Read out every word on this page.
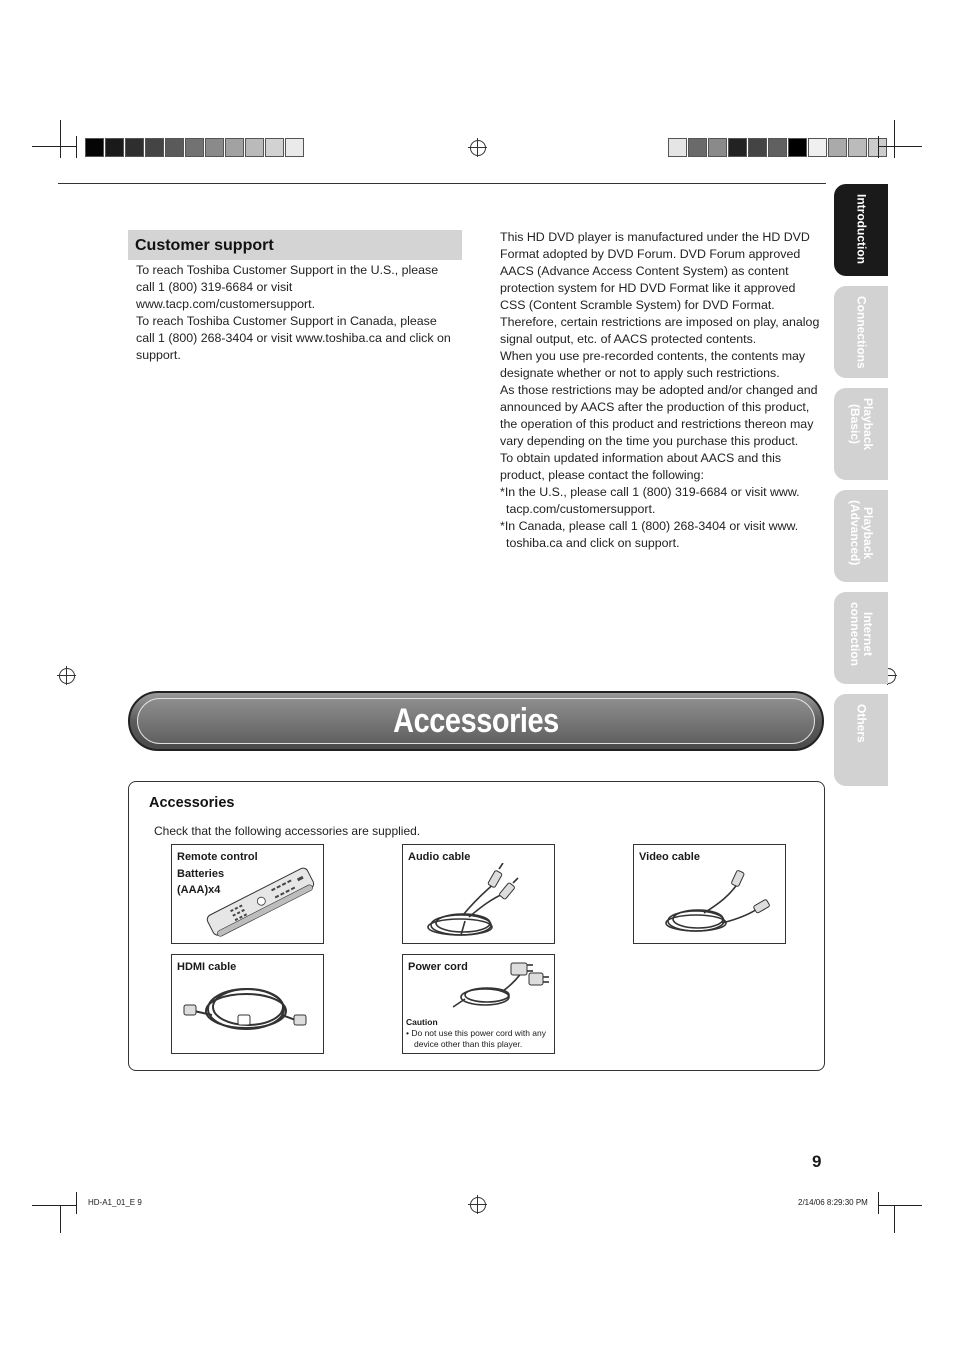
Introduction
Connections
Playback
(Basic)
Playback
(Advanced)
Internet
connection
Others
Customer support

To reach Toshiba Customer Support in the U.S., please call 1 (800) 319-6684 or visit www.tacp.com/customersupport.

To reach Toshiba Customer Support in Canada, please call 1 (800) 268-3404 or visit www.toshiba.ca and click on support.

This HD DVD player is manufactured under the HD DVD Format adopted by DVD Forum. DVD Forum approved AACS (Advance Access Content System) as content protection system for HD DVD Format like it approved CSS (Content Scramble System) for DVD Format. Therefore, certain restrictions are imposed on play, analog signal output, etc. of AACS protected contents.

When you use pre-recorded contents, the contents may designate whether or not to apply such restrictions.

As those restrictions may be adopted and/or changed and announced by AACS after the production of this product, the operation of this product and restrictions thereon may vary depending on the time you purchase this product.

To obtain updated information about AACS and this product, please contact the following:

*In the U.S., please call 1 (800) 319-6684 or visit www. tacp.com/customersupport.

*In Canada, please call 1 (800) 268-3404 or visit www. toshiba.ca and click on support.

Accessories
Accessories
Check that the following accessories are supplied.
Remote control
Batteries
(AAA)x4
Audio cable	Video cable
HDMI cable	Power cord
Caution
• Do not use this power cord with any device other than this player.
9
HD-A1_01_E 9	2/14/06 8:29:30 PM
